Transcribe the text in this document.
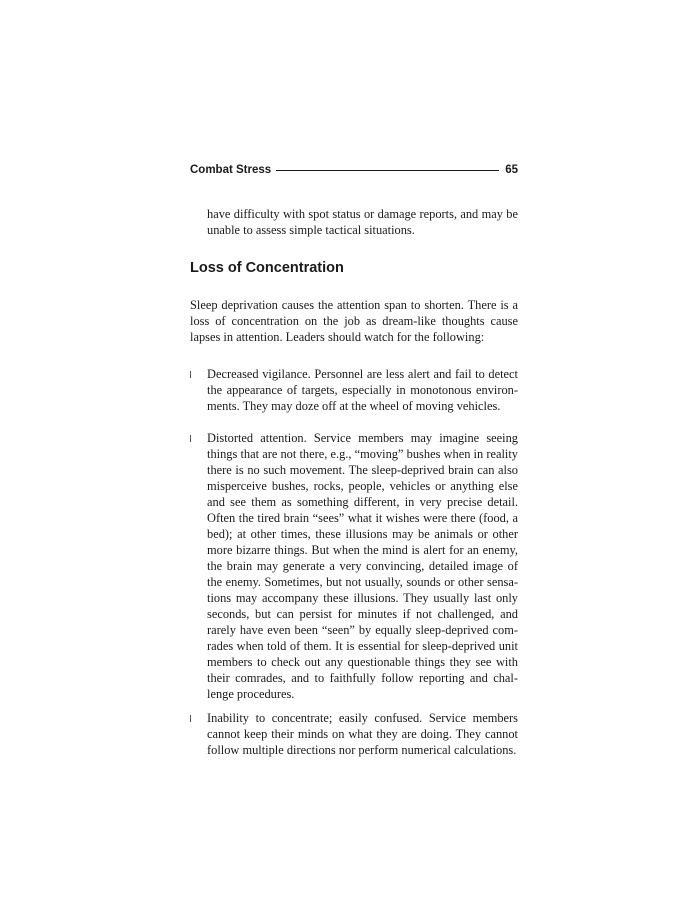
Combat Stress	65

have difficulty with spot status or damage reports, and may be unable to assess simple tactical situations.

Loss of Concentration

Sleep deprivation causes the attention span to shorten. There is a loss of concentration on the job as dream-like thoughts cause lapses in attention. Leaders should watch for the following:

Decreased vigilance. Personnel are less alert and fail to detect the appearance of targets, especially in monotonous environments. They may doze off at the wheel of moving vehicles.
Distorted attention. Service members may imagine seeing things that are not there, e.g., “moving” bushes when in reality there is no such movement. The sleep-deprived brain can also misperceive bushes, rocks, people, vehicles or anything else and see them as something different, in very precise detail. Often the tired brain “sees” what it wishes were there (food, a bed); at other times, these illusions may be animals or other more bizarre things. But when the mind is alert for an enemy, the brain may generate a very convincing, detailed image of the enemy. Sometimes, but not usually, sounds or other sensations may accompany these illusions. They usually last only seconds, but can persist for minutes if not challenged, and rarely have even been “seen” by equally sleep-deprived comrades when told of them. It is essential for sleep-deprived unit members to check out any questionable things they see with their comrades, and to faithfully follow reporting and challenge procedures.
Inability to concentrate; easily confused. Service members cannot keep their minds on what they are doing. They cannot follow multiple directions nor perform numerical calculations.
